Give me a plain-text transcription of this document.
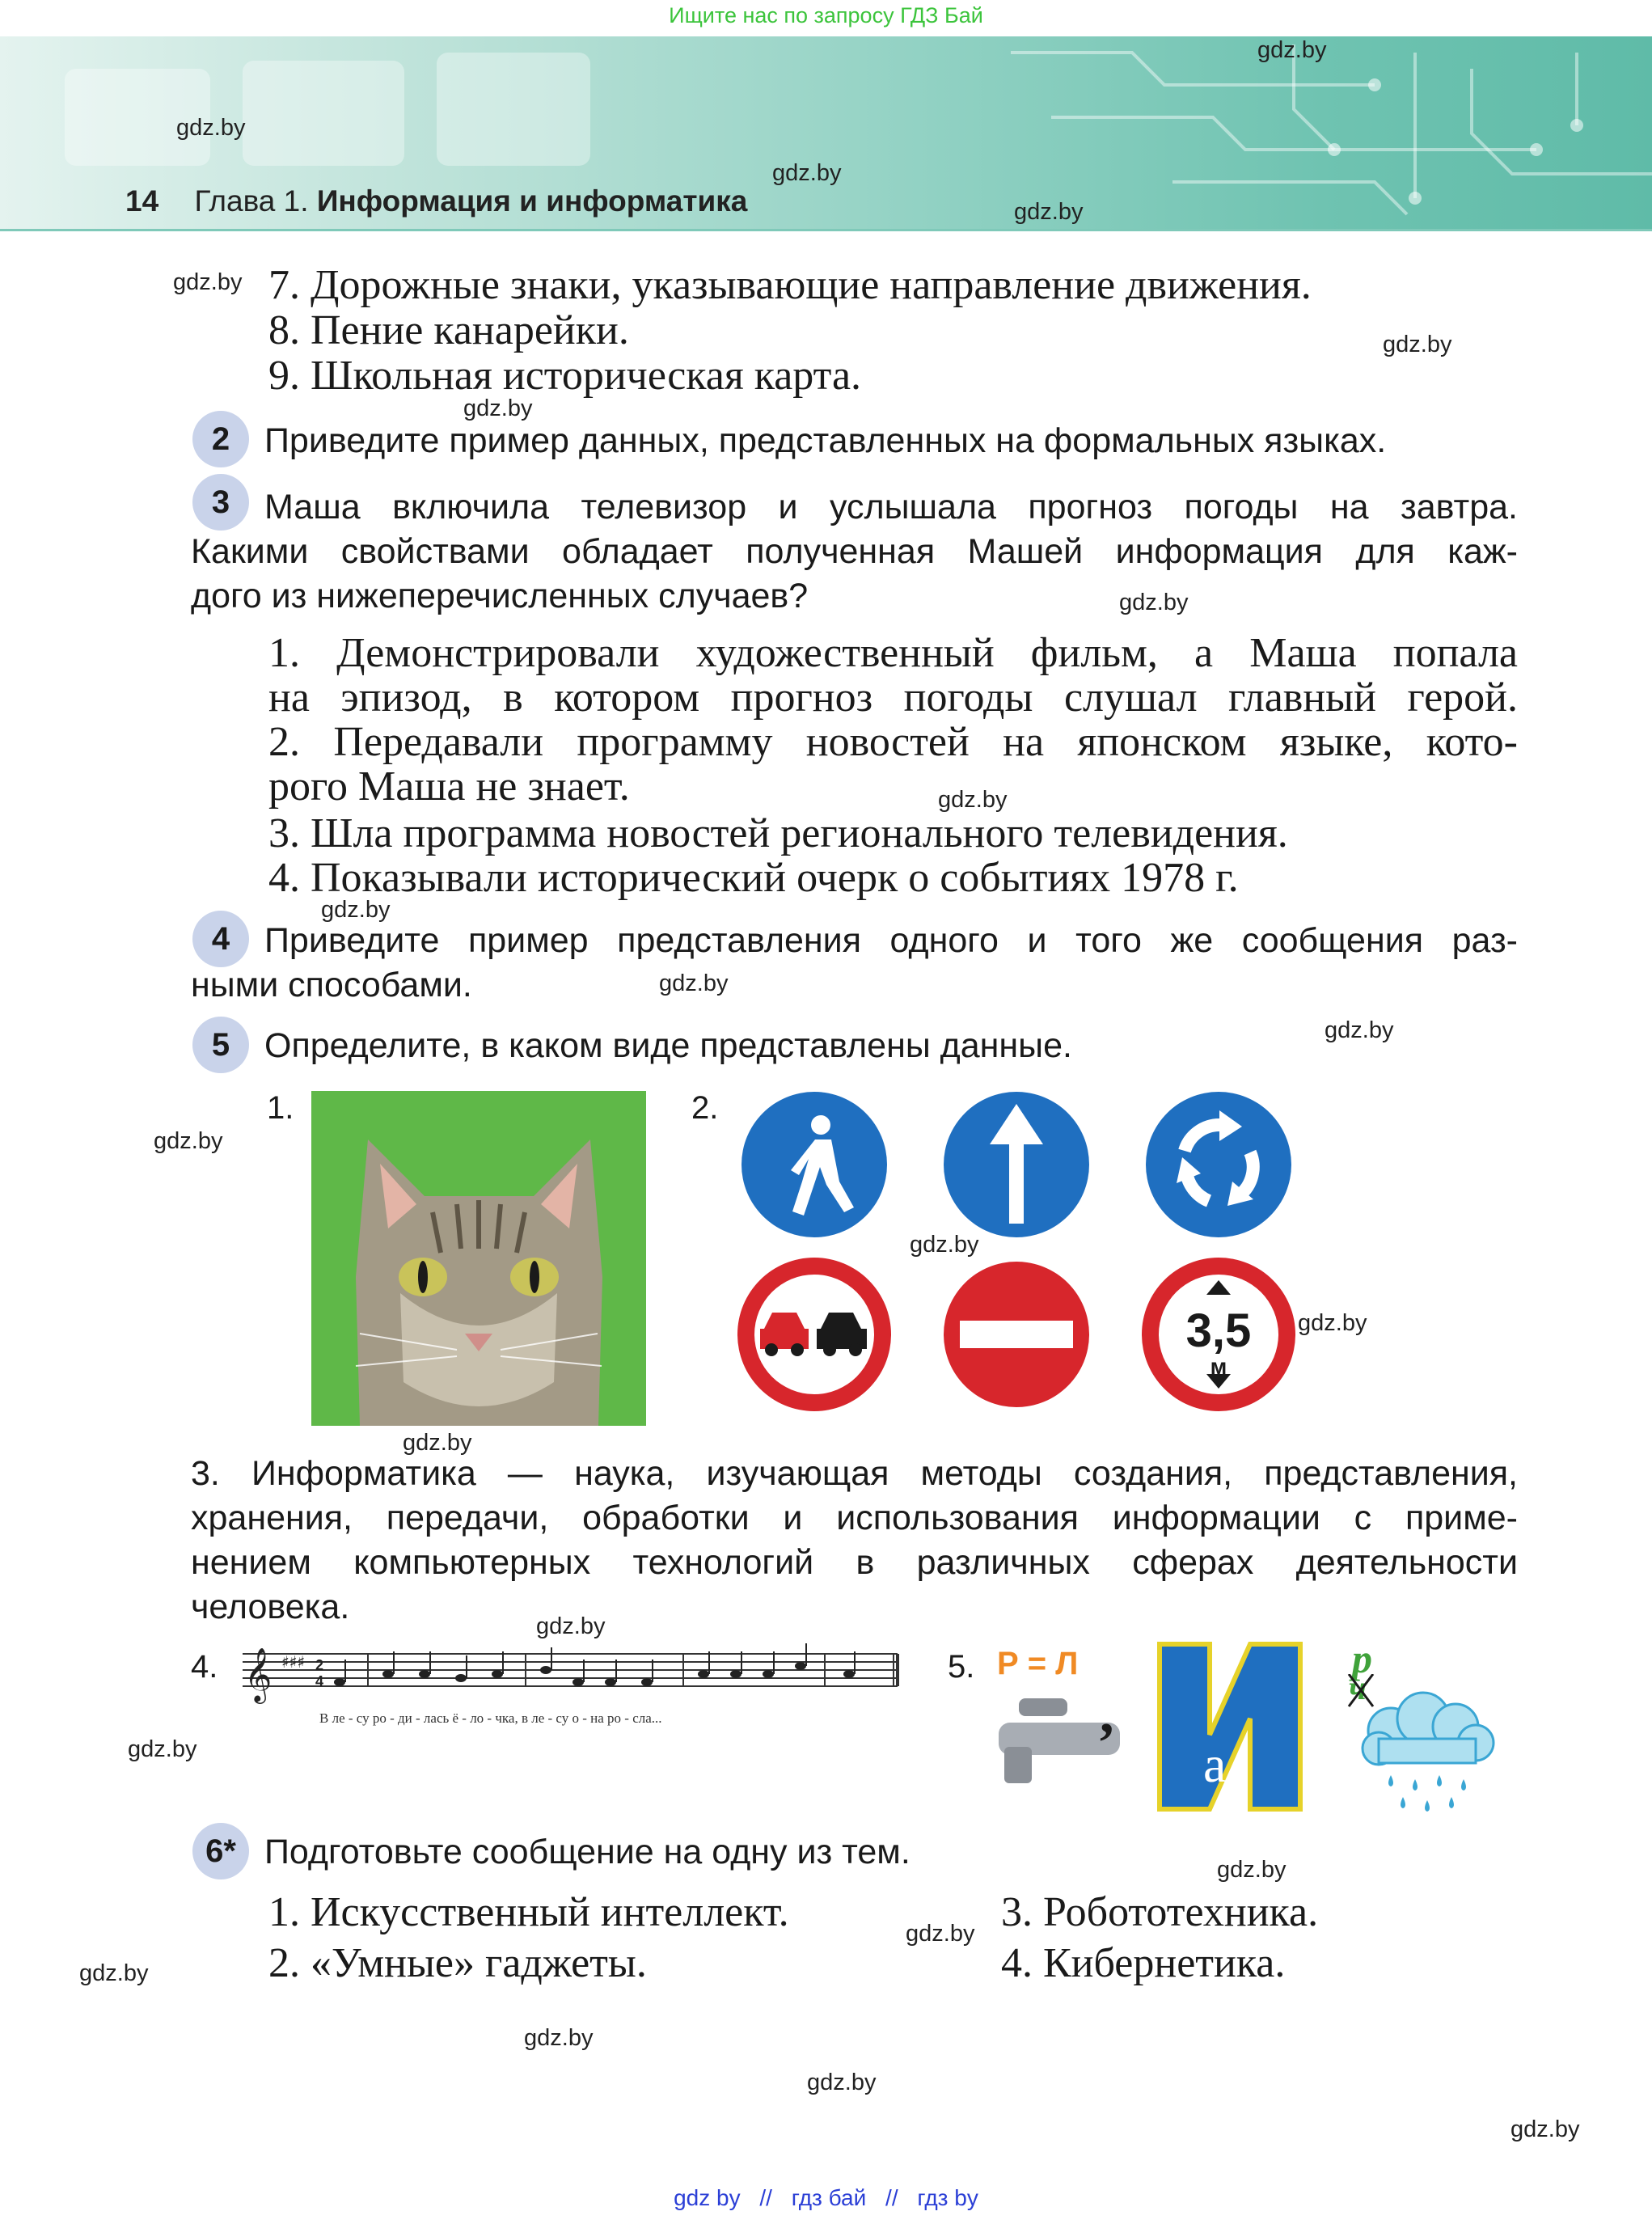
Ищите нас по запросу ГДЗ Бай
14 Глава 1. Информация и информатика
gdz.by
gdz.by
gdz.by
gdz.by
gdz.by
gdz.by
gdz.by
gdz.by
gdz.by
gdz.by
gdz.by
gdz.by
gdz.by
gdz.by
gdz.by
gdz.by
gdz.by
gdz.by
gdz.by
gdz.by
gdz.by
gdz.by
gdz.by
gdz.by
7. Дорожные знаки, указывающие направление движения.
8. Пение канарейки.
9. Школьная историческая карта.
2 Приведите пример данных, представленных на формальных языках.
3 Маша включила телевизор и услышала прогноз погоды на завтра.
Какими свойствами обладает полученная Машей информация для каж-
дого из нижеперечисленных случаев?
1. Демонстрировали художественный фильм, а Маша попала
на эпизод, в котором прогноз погоды слушал главный герой.
2. Передавали программу новостей на японском языке, кото-
рого Маша не знает.
3. Шла программа новостей регионального телевидения.
4. Показывали исторический очерк о событиях 1978 г.
4 Приведите пример представления одного и того же сообщения раз-
ными способами.
5 Определите, в каком виде представлены данные.
1.	2.
3,5
м
3. Информатика — наука, изучающая методы создания, представления,
хранения, передачи, обработки и использования информации с приме-
нением компьютерных технологий в различных сферах деятельности
человека.
4. 𝄞 ♯♯♯ 2
4
В ле - су ро - ди - лась ё - ло - чка, в ле - су о - на ро - сла...
5. Р = Л
,
а
р
ч
6* Подготовьте сообщение на одну из тем.
1. Искусственный интеллект.
2. «Умные» гаджеты.
3. Робототехника.
4. Кибернетика.
gdz by // гдз бай // гдз by
